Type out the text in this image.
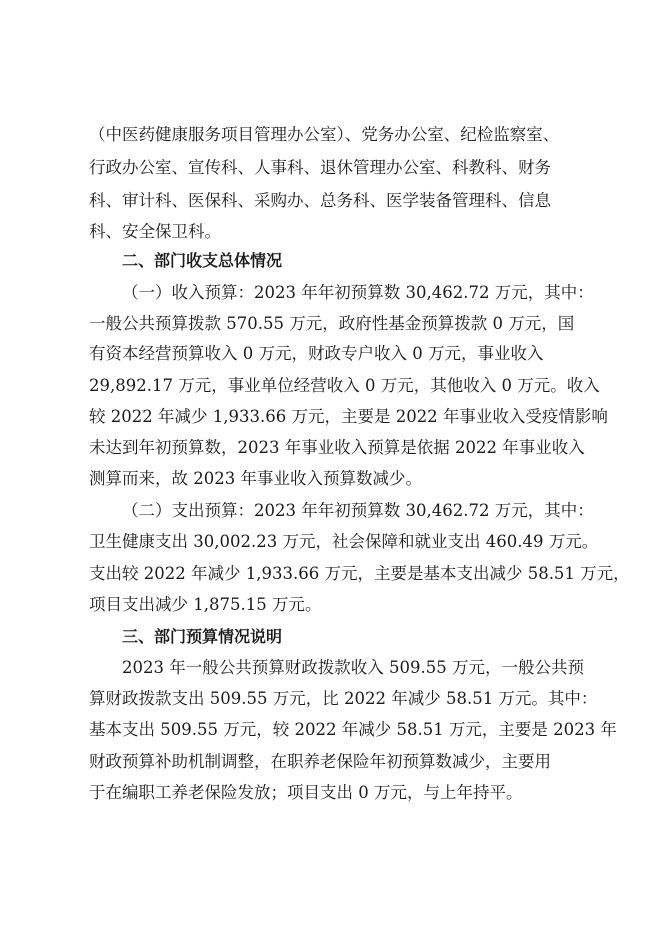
（中医药健康服务项目管理办公室）、党务办公室、纪检监察室、

行政办公室、宣传科、人事科、退休管理办公室、科教科、财务

科、审计科、医保科、采购办、总务科、医学装备管理科、信息

科、安全保卫科。

二、部门收支总体情况

（一）收入预算：2023 年年初预算数 30,462.72 万元，其中：

一般公共预算拨款 570.55 万元，政府性基金预算拨款 0 万元，国

有资本经营预算收入 0 万元，财政专户收入 0 万元，事业收入

29,892.17 万元，事业单位经营收入 0 万元，其他收入 0 万元。收入

较 2022 年减少 1,933.66 万元，主要是 2022 年事业收入受疫情影响

未达到年初预算数，2023 年事业收入预算是依据 2022 年事业收入

测算而来，故 2023 年事业收入预算数减少。

（二）支出预算：2023 年年初预算数 30,462.72 万元，其中：

卫生健康支出 30,002.23 万元，社会保障和就业支出 460.49 万元。

支出较 2022 年减少 1,933.66 万元，主要是基本支出减少 58.51 万元，

项目支出减少 1,875.15 万元。

三、部门预算情况说明

2023 年一般公共预算财政拨款收入 509.55 万元，一般公共预

算财政拨款支出 509.55 万元，比 2022 年减少 58.51 万元。其中：

基本支出 509.55 万元，较 2022 年减少 58.51 万元，主要是 2023 年

财政预算补助机制调整，在职养老保险年初预算数减少，主要用

于在编职工养老保险发放；项目支出 0 万元，与上年持平。
